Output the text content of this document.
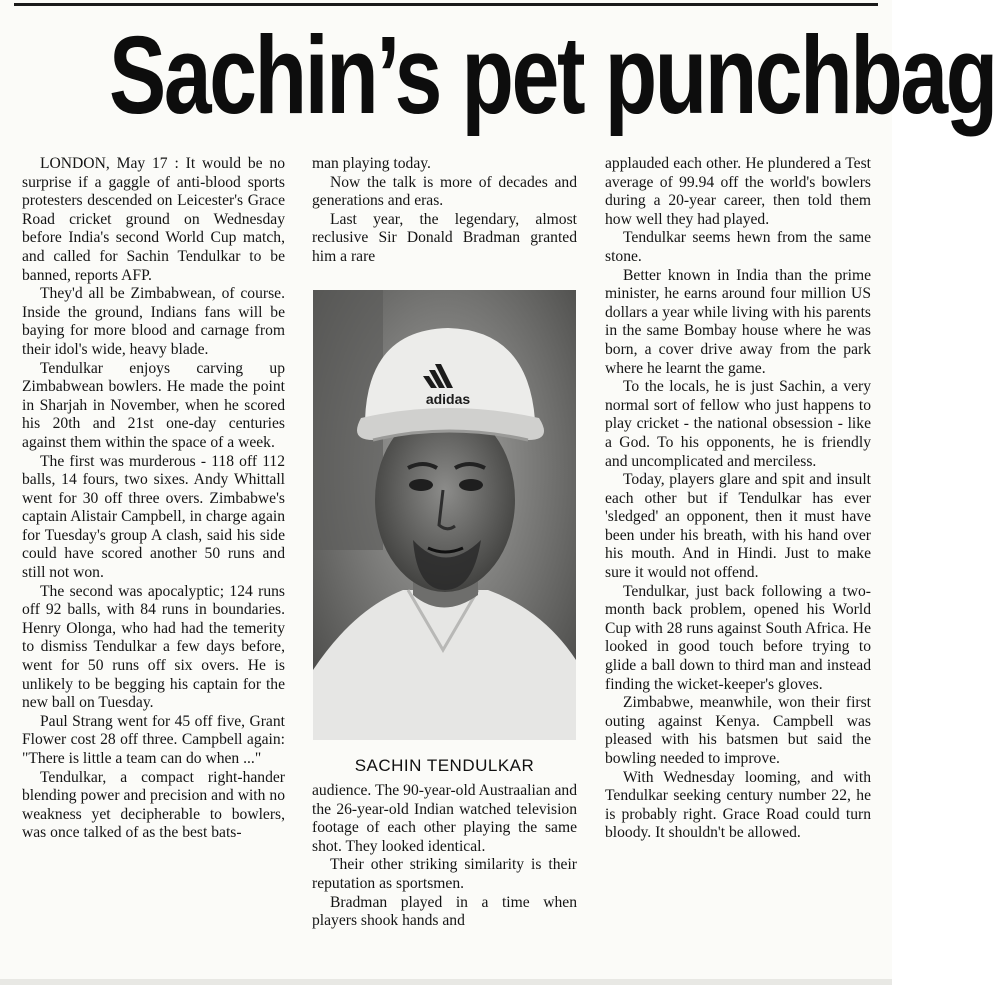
Sachin’s pet punchbag

LONDON, May 17 : It would be no surprise if a gaggle of anti-blood sports protesters descended on Leicester's Grace Road cricket ground on Wednesday before India's second World Cup match, and called for Sachin Tendulkar to be banned, reports AFP.

They'd all be Zimbabwean, of course. Inside the ground, Indians fans will be baying for more blood and carnage from their idol's wide, heavy blade.

Tendulkar enjoys carving up Zimbabwean bowlers. He made the point in Sharjah in November, when he scored his 20th and 21st one-day centuries against them within the space of a week.

The first was murderous - 118 off 112 balls, 14 fours, two sixes. Andy Whittall went for 30 off three overs. Zimbabwe's captain Alistair Campbell, in charge again for Tuesday's group A clash, said his side could have scored another 50 runs and still not won.

The second was apocalyptic; 124 runs off 92 balls, with 84 runs in boundaries. Henry Olonga, who had had the temerity to dismiss Tendulkar a few days before, went for 50 runs off six overs. He is unlikely to be begging his captain for the new ball on Tuesday.

Paul Strang went for 45 off five, Grant Flower cost 28 off three. Campbell again: "There is little a team can do when ..."

Tendulkar, a compact right-hander blending power and precision and with no weakness yet decipherable to bowlers, was once talked of as the best bats-

man playing today.

Now the talk is more of decades and generations and eras.

Last year, the legendary, almost reclusive Sir Donald Bradman granted him a rare

adidas
SACHIN TENDULKAR

audience. The 90-year-old Austraalian and the 26-year-old Indian watched television footage of each other playing the same shot. They looked identical.

Their other striking similarity is their reputation as sportsmen.

Bradman played in a time when players shook hands and

applauded each other. He plundered a Test average of 99.94 off the world's bowlers during a 20-year career, then told them how well they had played.

Tendulkar seems hewn from the same stone.

Better known in India than the prime minister, he earns around four million US dollars a year while living with his parents in the same Bombay house where he was born, a cover drive away from the park where he learnt the game.

To the locals, he is just Sachin, a very normal sort of fellow who just happens to play cricket - the national obsession - like a God. To his opponents, he is friendly and uncomplicated and merciless.

Today, players glare and spit and insult each other but if Tendulkar has ever 'sledged' an opponent, then it must have been under his breath, with his hand over his mouth. And in Hindi. Just to make sure it would not offend.

Tendulkar, just back following a two-month back problem, opened his World Cup with 28 runs against South Africa. He looked in good touch before trying to glide a ball down to third man and instead finding the wicket-keeper's gloves.

Zimbabwe, meanwhile, won their first outing against Kenya. Campbell was pleased with his batsmen but said the bowling needed to improve.

With Wednesday looming, and with Tendulkar seeking century number 22, he is probably right. Grace Road could turn bloody. It shouldn't be allowed.
